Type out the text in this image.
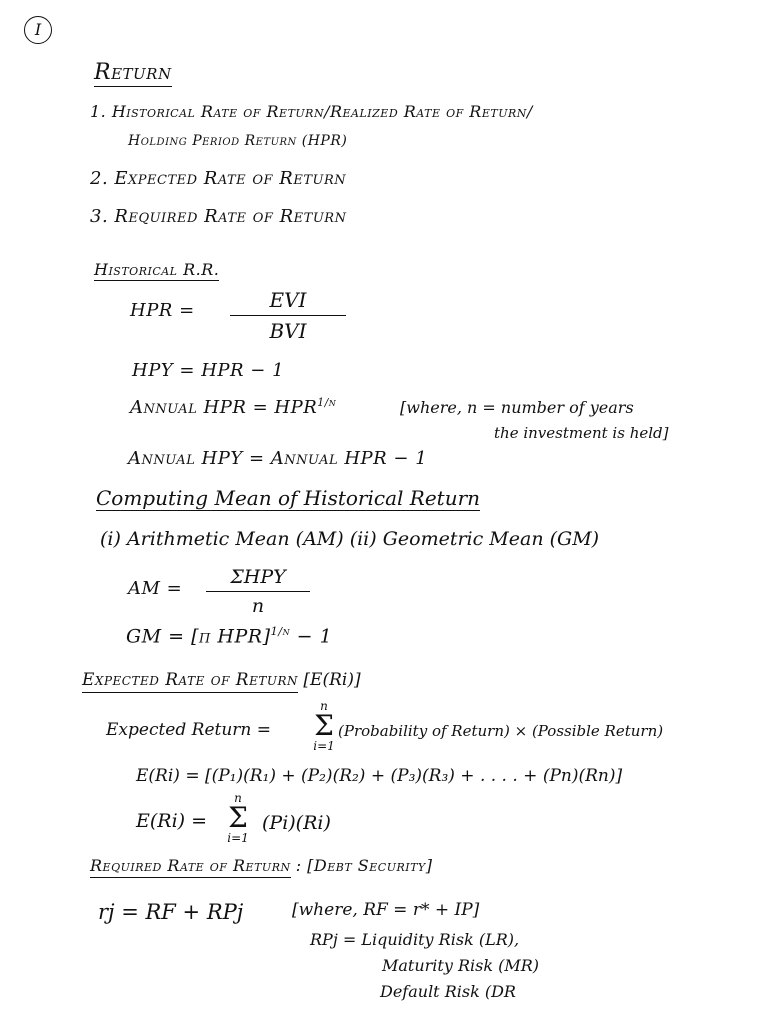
I
Return
1. Historical Rate of Return/Realized Rate of Return/
Holding Period Return (HPR)
2. Expected Rate of Return
3. Required Rate of Return
Historical R.R.
HPR =	EVI
BVI
HPY = HPR − 1
Annual HPR = $HPR^{1/n}$	[where, n = number of years
the investment is held]
Annual HPY = Annual HPR − 1
Computing Mean of Historical Return
(i) Arithmetic Mean (AM) (ii) Geometric Mean (GM)
AM =
ΣHPY
n
GM = [π HPR]$^{1/n}$ − 1
Expected Rate of Return [E(Ri)]
Expected Return =
n
Σ
i=1
(Probability of Return) × (Possible Return)
E(Ri) = [(P₁)(R₁) + (P₂)(R₂) + (P₃)(R₃) + . . . . + (Pn)(Rn)]
E(Ri) =
n
Σ
i=1
(Pi)(Ri)
Required Rate of Return : [Debt Security]
rj = RF + RPj	[where, RF = r* + IP]
RPj = Liquidity Risk (LR),
Maturity Risk (MR)
Default Risk (DR
